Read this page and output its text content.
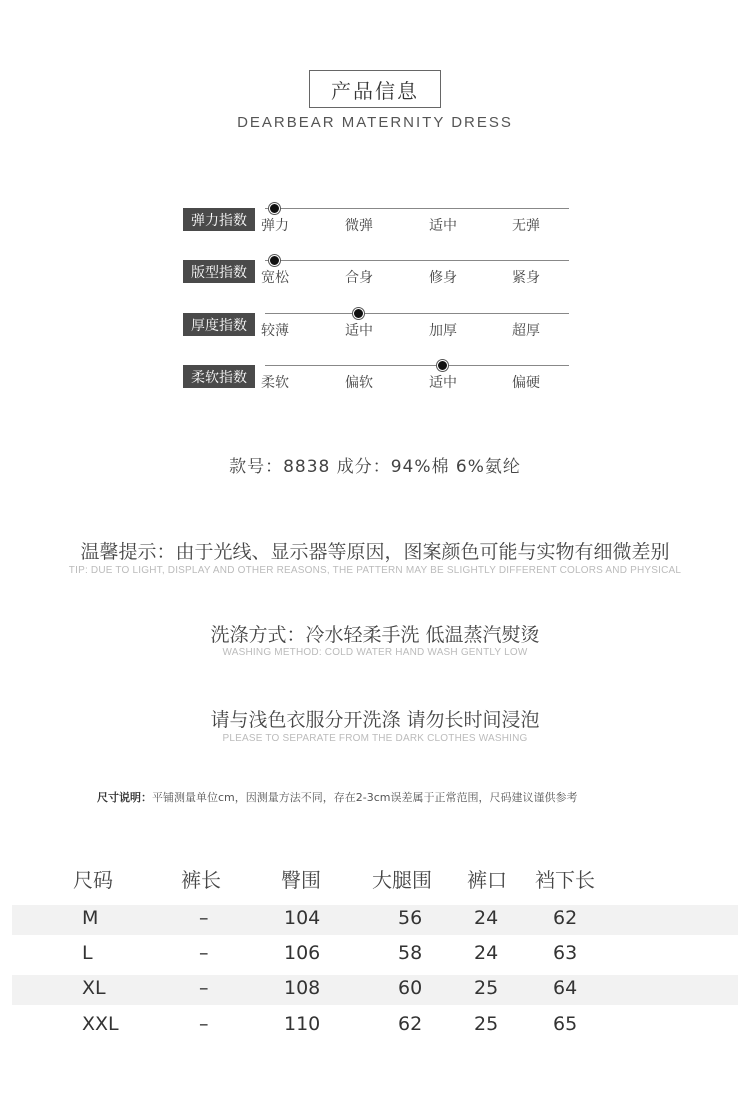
产品信息
DEARBEAR MATERNITY DRESS
弹力指数	弹力	微弹	适中	无弹
版型指数	宽松	合身	修身	紧身
厚度指数	较薄	适中	加厚	超厚
柔软指数	柔软	偏软	适中	偏硬
款号：8838 成分：94%棉 6%氨纶
温馨提示：由于光线、显示器等原因，图案颜色可能与实物有细微差别
TIP: DUE TO LIGHT, DISPLAY AND OTHER REASONS, THE PATTERN MAY BE SLIGHTLY DIFFERENT COLORS AND PHYSICAL
洗涤方式：冷水轻柔手洗 低温蒸汽熨烫
WASHING METHOD: COLD WATER HAND WASH GENTLY LOW
请与浅色衣服分开洗涤 请勿长时间浸泡
PLEASE TO SEPARATE FROM THE DARK CLOTHES WASHING
尺寸说明：平铺测量单位cm，因测量方法不同，存在2-3cm误差属于正常范围，尺码建议谨供参考
尺码	裤长	臀围	大腿围 裤口 裆下长
M	–	104	56	24	62
L	–	106	58	24	63
XL	–	108	60	25	64
XXL	–	110	62	25	65
